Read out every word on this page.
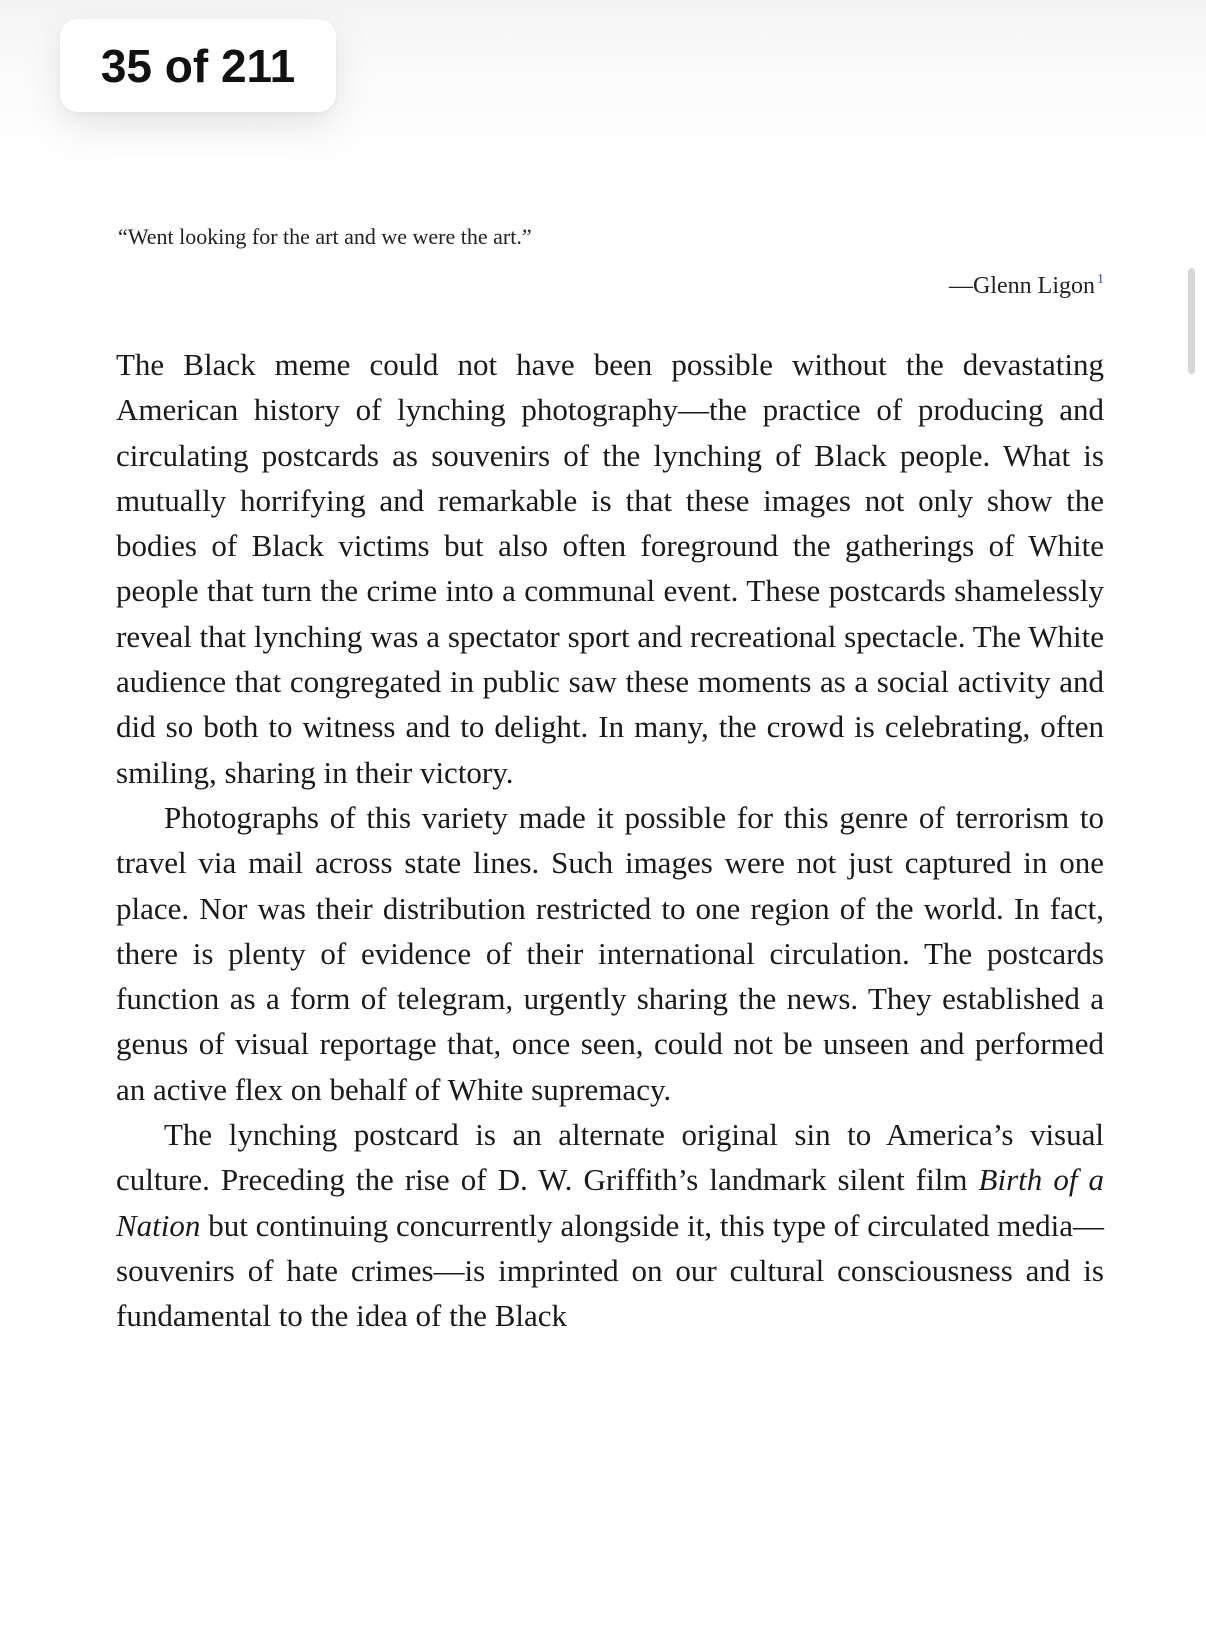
35 of 211
“Went looking for the art and we were the art.”
—Glenn Ligon $^1$

The Black meme could not have been possible without the devastating American history of lynching photography—the practice of producing and circulating postcards as souvenirs of the lynching of Black people. What is mutually horrifying and remarkable is that these images not only show the bodies of Black victims but also often foreground the gatherings of White people that turn the crime into a communal event. These postcards shamelessly reveal that lynching was a spectator sport and recreational spectacle. The White audience that congregated in public saw these moments as a social activity and did so both to witness and to delight. In many, the crowd is celebrating, often smiling, sharing in their victory.

Photographs of this variety made it possible for this genre of terrorism to travel via mail across state lines. Such images were not just captured in one place. Nor was their distribution restricted to one region of the world. In fact, there is plenty of evidence of their international circulation. The postcards function as a form of telegram, urgently sharing the news. They established a genus of visual reportage that, once seen, could not be unseen and performed an active flex on behalf of White supremacy.

The lynching postcard is an alternate original sin to America’s visual culture. Preceding the rise of D. W. Griffith’s landmark silent film Birth of a Nation but continuing concurrently alongside it, this type of circulated media—souvenirs of hate crimes—is imprinted on our cultural consciousness and is fundamental to the idea of the Black
